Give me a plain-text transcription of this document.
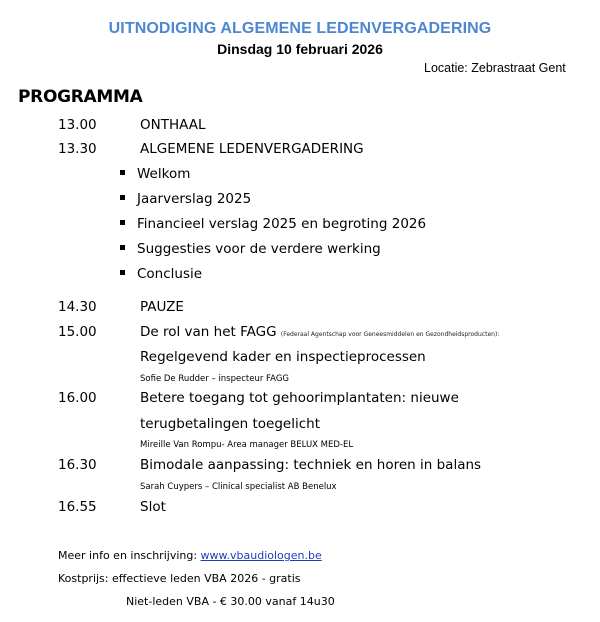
UITNODIGING ALGEMENE LEDENVERGADERING
Dinsdag 10 februari 2026
Locatie: Zebrastraat Gent
PROGRAMMA
13.00	ONTHAAL
13.30	ALGEMENE LEDENVERGADERING
Welkom
Jaarverslag 2025
Financieel verslag 2025 en begroting 2026
Suggesties voor de verdere werking
Conclusie
14.30	PAUZE
15.00	De rol van het FAGG (Federaal Agentschap voor Geneesmiddelen en Gezondheidsproducten):
Regelgevend kader en inspectieprocessen
Sofie De Rudder – inspecteur FAGG
16.00	Betere toegang tot gehoorimplantaten: nieuwe
terugbetalingen toegelicht
Mireille Van Rompu- Area manager BELUX MED-EL
16.30	Bimodale aanpassing: techniek en horen in balans
Sarah Cuypers – Clinical specialist AB Benelux
16.55	Slot
Meer info en inschrijving: www.vbaudiologen.be
Kostprijs: effectieve leden VBA 2026 - gratis
Niet-leden VBA - € 30.00 vanaf 14u30
